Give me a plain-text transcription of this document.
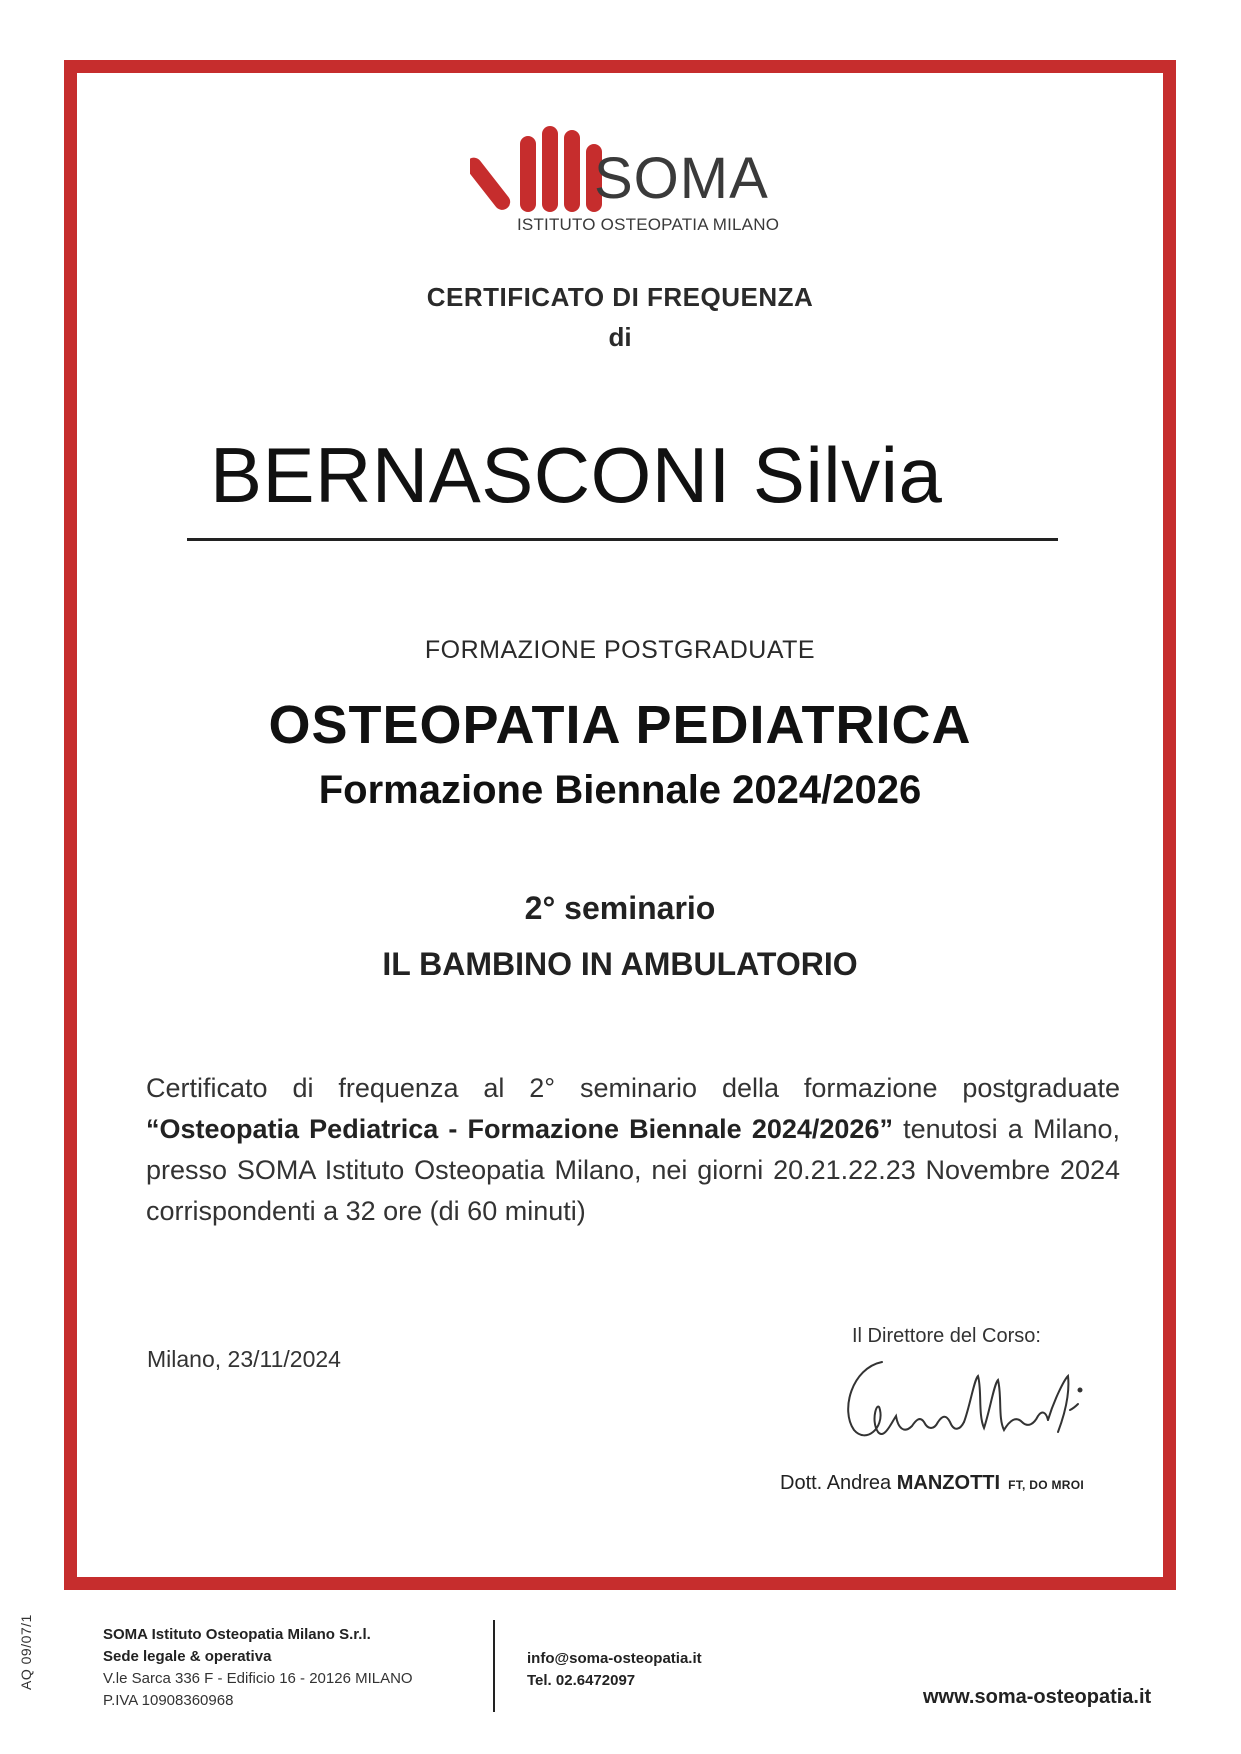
SOMA
ISTITUTO OSTEOPATIA MILANO
CERTIFICATO DI FREQUENZA
di
BERNASCONI Silvia
FORMAZIONE POSTGRADUATE
OSTEOPATIA PEDIATRICA
Formazione Biennale 2024/2026
2° seminario
IL BAMBINO IN AMBULATORIO
Certificato di frequenza al 2° seminario della formazione postgraduate “Osteopatia Pediatrica - Formazione Biennale 2024/2026” tenutosi a Milano, presso SOMA Istituto Osteopatia Milano, nei giorni 20.21.22.23 Novembre 2024 corrispondenti a 32 ore (di 60 minuti)
Milano, 23/11/2024
Il Direttore del Corso:
Dott. Andrea MANZOTTI FT, DO MROI
AQ 09/07/1	SOMA Istituto Osteopatia Milano S.r.l.
Sede legale & operativa
V.le Sarca 336 F - Edificio 16 - 20126 MILANO
P.IVA 10908360968
info@soma-osteopatia.it
Tel. 02.6472097
www.soma-osteopatia.it
